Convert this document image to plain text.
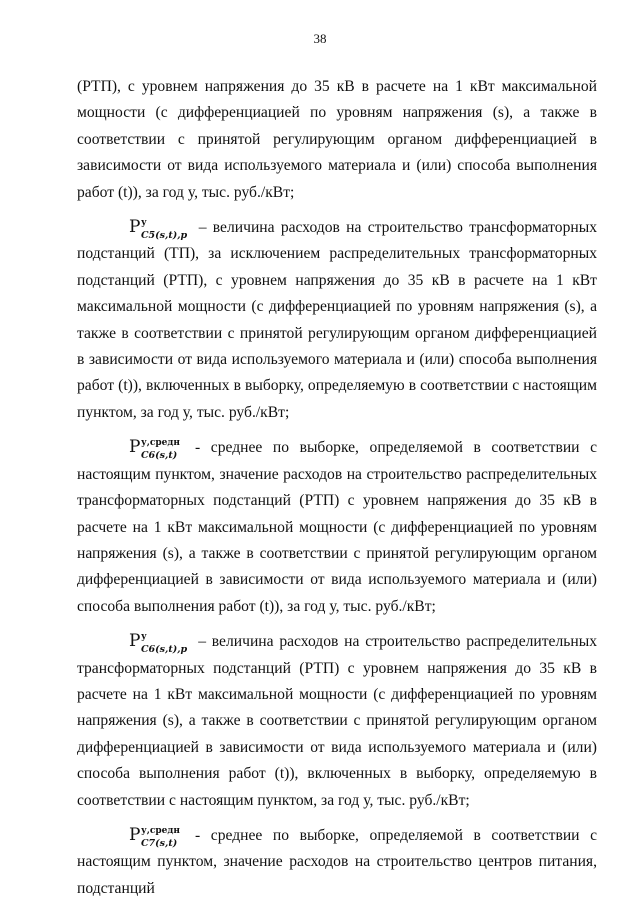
38

(РТП), с уровнем напряжения до 35 кВ в расчете на 1 кВт максимальной мощности (с дифференциацией по уровням напряжения (s), а также в соответствии с принятой регулирующим органом дифференциацией в зависимости от вида используемого материала и (или) способа выполнения работ (t)), за год у, тыс. руб./кВт;

P у
C5(s,t),p – величина расходов на строительство трансформаторных подстанций (ТП), за исключением распределительных трансформаторных подстанций (РТП), с уровнем напряжения до 35 кВ в расчете на 1 кВт максимальной мощности (с дифференциацией по уровням напряжения (s), а также в соответствии с принятой регулирующим органом дифференциацией в зависимости от вида используемого материала и (или) способа выполнения работ (t)), включенных в выборку, определяемую в соответствии с настоящим пунктом, за год у, тыс. руб./кВт;

P у,средн
C6(s,t) - среднее по выборке, определяемой в соответствии с настоящим пунктом, значение расходов на строительство распределительных трансформаторных подстанций (РТП) с уровнем напряжения до 35 кВ в расчете на 1 кВт максимальной мощности (с дифференциацией по уровням напряжения (s), а также в соответствии с принятой регулирующим органом дифференциацией в зависимости от вида используемого материала и (или) способа выполнения работ (t)), за год у, тыс. руб./кВт;

P у
C6(s,t),p – величина расходов на строительство распределительных трансформаторных подстанций (РТП) с уровнем напряжения до 35 кВ в расчете на 1 кВт максимальной мощности (с дифференциацией по уровням напряжения (s), а также в соответствии с принятой регулирующим органом дифференциацией в зависимости от вида используемого материала и (или) способа выполнения работ (t)), включенных в выборку, определяемую в соответствии с настоящим пунктом, за год у, тыс. руб./кВт;

P у,средн
C7(s,t) - среднее по выборке, определяемой в соответствии с настоящим пунктом, значение расходов на строительство центров питания, подстанций
